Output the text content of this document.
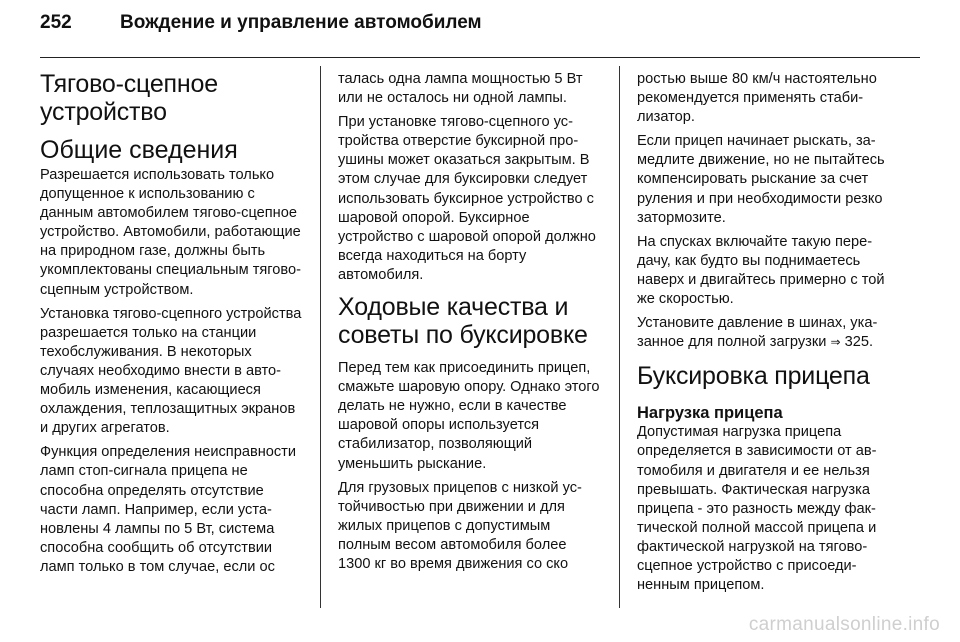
252	Вождение и управление автомобилем
Тягово-сцепное устройство
Общие сведения

Разрешается использовать только допущенное к использованию с данным автомобилем тягово-сцепное устройство. Автомобили, работающие на природном газе, должны быть укомплектованы специальным тягово-сцепным устройством.

Установка тягово-сцепного устройства разрешается только на станции техобслуживания. В некоторых случаях необходимо внести в автомобиль изменения, касающиеся охлаждения, теплозащитных экранов и других агрегатов.

Функция определения неисправности ламп стоп-сигнала прицепа не способна определять отсутствие части ламп. Например, если установлены 4 лампы по 5 Вт, система способна сообщить об отсутствии ламп только в том случае, если ос

талась одна лампа мощностью 5 Вт или не осталось ни одной лампы.

При установке тягово-сцепного устройства отверстие буксирной проушины может оказаться закрытым. В этом случае для буксировки следует использовать буксирное устройство с шаровой опорой. Буксирное устройство с шаровой опорой должно всегда находиться на борту автомобиля.

Ходовые качества и советы по буксировке

Перед тем как присоединить прицеп, смажьте шаровую опору. Однако этого делать не нужно, если в качестве шаровой опоры используется стабилизатор, позволяющий уменьшить рыскание.

Для грузовых прицепов с низкой устойчивостью при движении и для жилых прицепов с допустимым полным весом автомобиля более 1300 кг во время движения со ско

ростью выше 80 км/ч настоятельно рекомендуется применять стабилизатор.

Если прицеп начинает рыскать, замедлите движение, но не пытайтесь компенсировать рыскание за счет руления и при необходимости резко затормозите.

На спусках включайте такую передачу, как будто вы поднимаетесь наверх и двигайтесь примерно с той же скоростью.

Установите давление в шинах, указанное для полной загрузки ⇒ 325.

Буксировка прицепа
Нагрузка прицепа

Допустимая нагрузка прицепа определяется в зависимости от автомобиля и двигателя и ее нельзя превышать. Фактическая нагрузка прицепа - это разность между фактической полной массой прицепа и фактической нагрузкой на тяговосцепное устройство с присоединенным прицепом.

carmanualsonline.info
